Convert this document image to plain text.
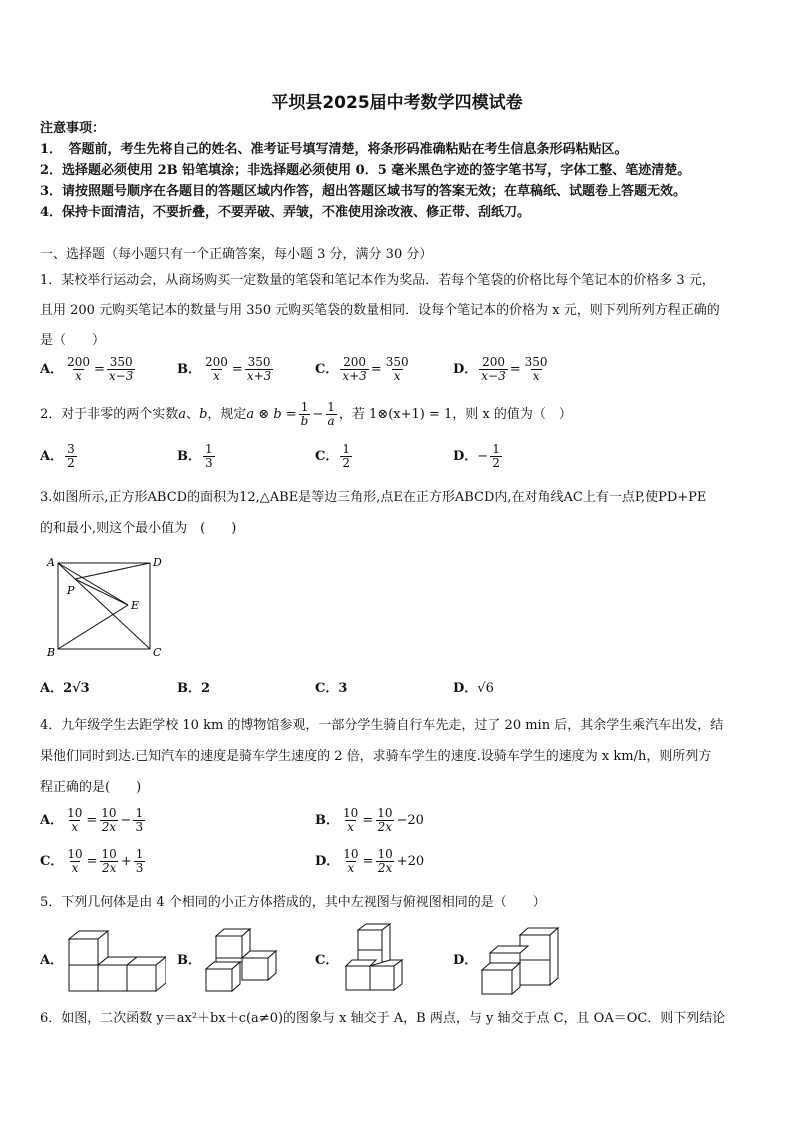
平坝县2025届中考数学四模试卷
注意事项：
1．　答题前，考生先将自己的姓名、准考证号填写清楚，将条形码准确粘贴在考生信息条形码粘贴区。
2．选择题必须使用 2B 铅笔填涂；非选择题必须使用 0．5 毫米黑色字迹的签字笔书写，字体工整、笔迹清楚。
3．请按照题号顺序在各题目的答题区域内作答，超出答题区域书写的答案无效；在草稿纸、试题卷上答题无效。
4．保持卡面清洁，不要折叠，不要弄破、弄皱，不准使用涂改液、修正带、刮纸刀。
一、选择题（每小题只有一个正确答案，每小题 3 分，满分 30 分）
1．某校举行运动会，从商场购买一定数量的笔袋和笔记本作为奖品．若每个笔袋的价格比每个笔记本的价格多 3 元，
且用 200 元购买笔记本的数量与用 350 元购买笔袋的数量相同．设每个笔记本的价格为 x 元，则下列所列方程正确的
是（　　）
A． $\frac{200}{x} = \frac{350}{x-3}$	B． $\frac{200}{x} = \frac{350}{x+3}$	C． $\frac{200}{x+3} = \frac{350}{x}$	D． $\frac{200}{x-3} = \frac{350}{x}$
2．对于非零的两个实数 a 、 b ，规定 a ⊗ $b = \frac{1}{b} - \frac{1}{a}$ ，若 1⊗(x+1) = 1，则 x 的值为（　）
A． $\frac{3}{2}$	B． $\frac{1}{3}$	C． $\frac{1}{2}$	D． − $\frac{1}{2}$
3.如图所示,正方形ABCD的面积为12,△ABE是等边三角形,点E在正方形ABCD内,在对角线AC上有一点P,使PD+PE
的和最小,则这个最小值为　(　　)
A	D
B	C
P
E
A．2√3	B．2	C．3	D．√6
4．九年级学生去距学校 10 km 的博物馆参观，一部分学生骑自行车先走，过了 20 min 后，其余学生乘汽车出发，结
果他们同时到达.已知汽车的速度是骑车学生速度的 2 倍，求骑车学生的速度.设骑车学生的速度为 x km/h，则所列方
程正确的是(　　)
A． $\frac{10}{x} = \frac{10}{2x} - \frac{1}{3}$	B． $\frac{10}{x} = \frac{10}{2x} - 20$
C． $\frac{10}{x} = \frac{10}{2x} + \frac{1}{3}$	D． $\frac{10}{x} = \frac{10}{2x} + 20$
5．下列几何体是由 4 个相同的小正方体搭成的，其中左视图与俯视图相同的是（　　）
A．	B．	C．	D．
6．如图，二次函数 y＝ax²＋bx＋c(a≠0)的图象与 x 轴交于 A，B 两点，与 y 轴交于点 C，且 OA＝OC．则下列结论
